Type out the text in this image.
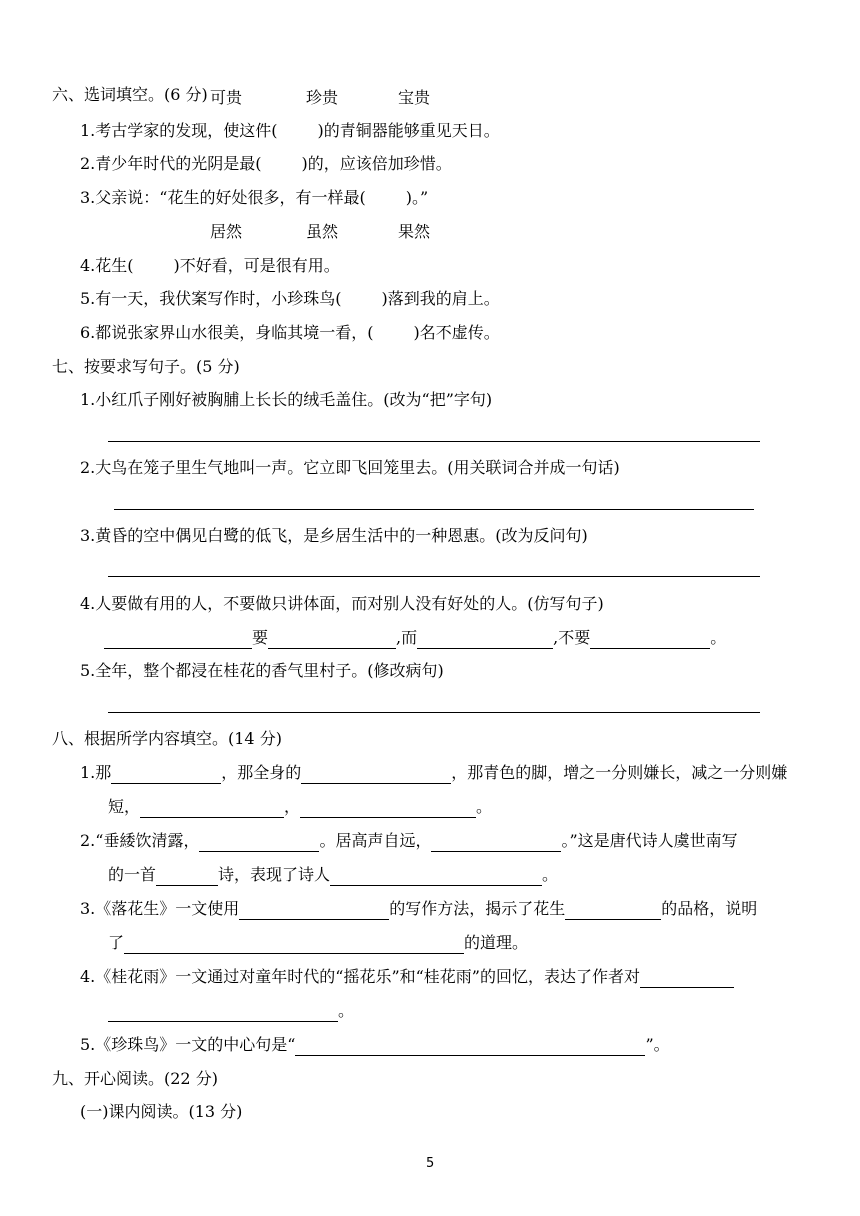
六、选词填空。(6 分) 可贵	珍贵	宝贵
1.考古学家的发现，使这件(	)的青铜器能够重见天日。
2.青少年时代的光阴是最(	)的，应该倍加珍惜。
3.父亲说：“花生的好处很多，有一样最(	)。”
居然	虽然	果然
4.花生(	)不好看，可是很有用。
5.有一天，我伏案写作时，小珍珠鸟(	)落到我的肩上。
6.都说张家界山水很美，身临其境一看，(	)名不虚传。
七、按要求写句子。(5 分)
1.小红爪子刚好被胸脯上长长的绒毛盖住。(改为“把”字句)
2.大鸟在笼子里生气地叫一声。它立即飞回笼里去。(用关联词合并成一句话)
3.黄昏的空中偶见白鹭的低飞，是乡居生活中的一种恩惠。(改为反问句)
4.人要做有用的人，不要做只讲体面，而对别人没有好处的人。(仿写句子)
要	,而	,不要	。
5.全年，整个都浸在桂花的香气里村子。(修改病句)
八、根据所学内容填空。(14 分)
1.那	，那全身的	，那青色的脚，增之一分则嫌长，减之一分则嫌
短，	，	。
2.“垂緌饮清露，	。居高声自远，	。”这是唐代诗人虞世南写
的一首	诗，表现了诗人	。
3.《落花生》一文使用	的写作方法，揭示了花生	的品格，说明
了	的道理。
4.《桂花雨》一文通过对童年时代的“摇花乐”和“桂花雨”的回忆，表达了作者对
。
5.《珍珠鸟》一文的中心句是“	”。
九、开心阅读。(22 分)
(一)课内阅读。(13 分)
5
